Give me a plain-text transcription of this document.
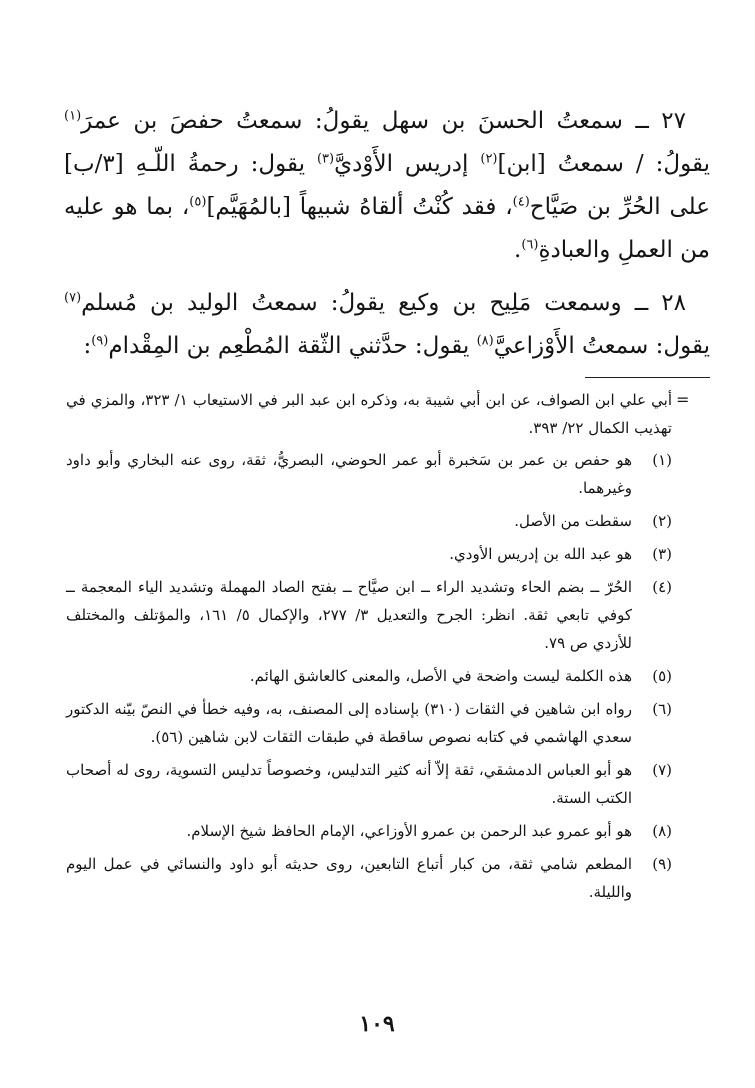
٢٧ ــ سمعتُ الحسنَ بن سهل يقولُ: سمعتُ حفصَ بن عمرَ$^{(١)}$ يقولُ: / سمعتُ [ابن]$^{(٢)}$ إدريس الأَوْديَّ$^{(٣)}$ يقول: رحمةُ اللّـهِ [٣/ب] على الحُرِّ بن صَيَّاح$^{(٤)}$، فقد كُنْتُ ألقاهُ شبيهاً [بالمُهَيَّم]$^{(٥)}$، بما هو عليه من العملِ والعبادةِ$^{(٦)}$.

٢٨ ــ وسمعت مَلِيح بن وكيع يقولُ: سمعتُ الوليد بن مُسلم$^{(٧)}$ يقول: سمعتُ الأَوْزاعيَّ$^{(٨)}$ يقول: حدَّثني الثّقة المُطْعِم بن المِقْدام$^{(٩)}$:

=

أبي علي ابن الصواف، عن ابن أبي شيبة به، وذكره ابن عبد البر في الاستيعاب ١/ ٣٢٣، والمزي في تهذيب الكمال ٢٢/ ٣٩٣.

(١)
هو حفص بن عمر بن سَخبرة أبو عمر الحوضي، البصريُّ، ثقة، روى عنه البخاري وأبو داود وغيرهما.
(٢)
سقطت من الأصل.
(٣)
هو عبد الله بن إدريس الأودي.
(٤)
الحُرّ ــ بضم الحاء وتشديد الراء ــ ابن صيَّاح ــ بفتح الصاد المهملة وتشديد الياء المعجمة ــ كوفي تابعي ثقة. انظر: الجرح والتعديل ٣/ ٢٧٧، والإكمال ٥/ ١٦١، والمؤتلف والمختلف للأزدي ص ٧٩.
(٥)
هذه الكلمة ليست واضحة في الأصل، والمعنى كالعاشق الهائم.
(٦)
رواه ابن شاهين في الثقات (٣١٠) بإسناده إلى المصنف، به، وفيه خطأ في النصّ بيّنه الدكتور سعدي الهاشمي في كتابه نصوص ساقطة في طبقات الثقات لابن شاهين (٥٦).
(٧)
هو أبو العباس الدمشقي، ثقة إلاّ أنه كثير التدليس، وخصوصاً تدليس التسوية، روى له أصحاب الكتب الستة.
(٨)
هو أبو عمرو عبد الرحمن بن عمرو الأوزاعي، الإمام الحافظ شيخ الإسلام.
(٩)
المطعم شامي ثقة، من كبار أتباع التابعين، روى حديثه أبو داود والنسائي في عمل اليوم والليلة.
١٠٩
